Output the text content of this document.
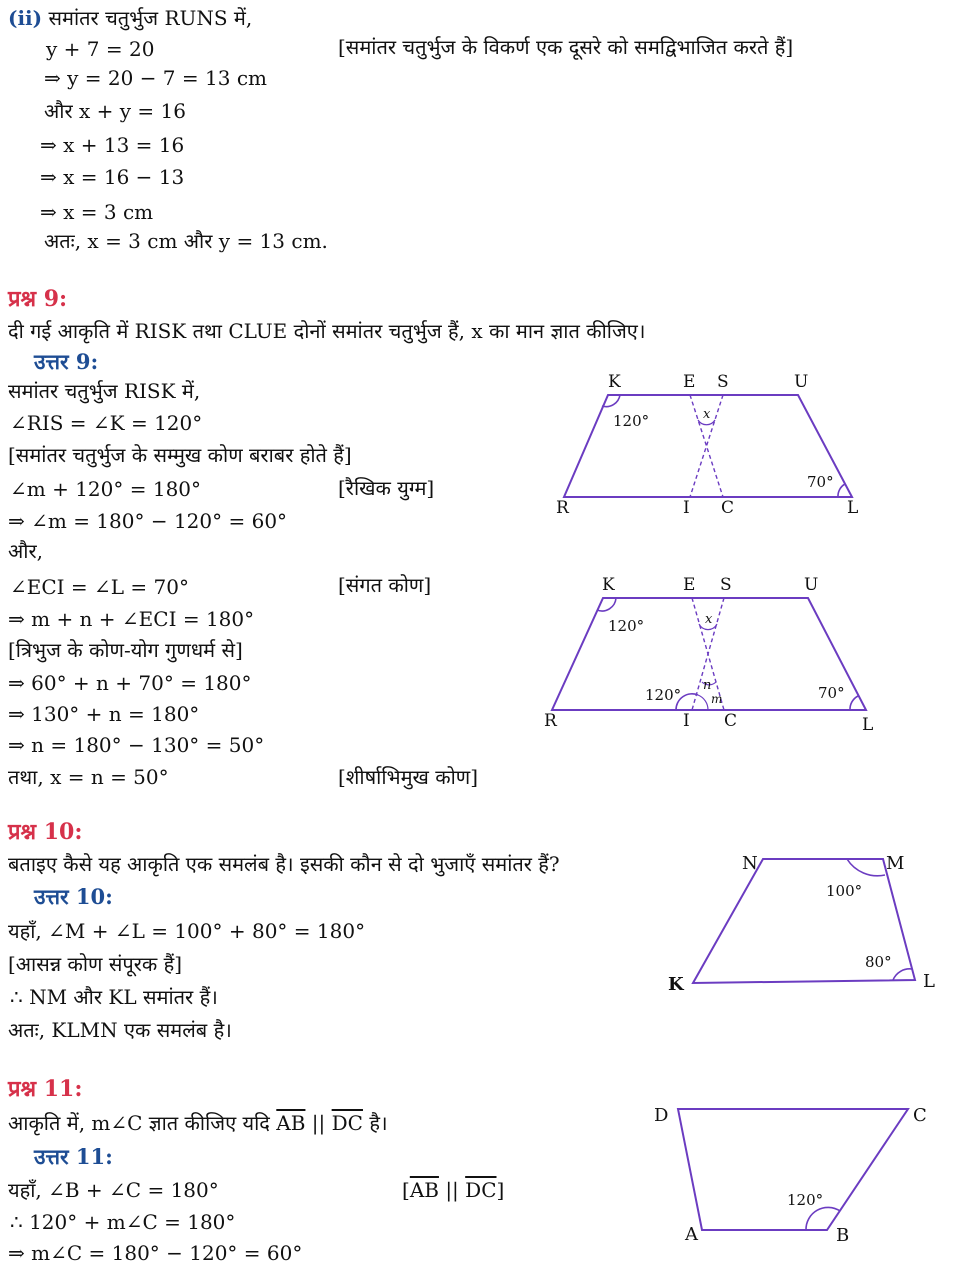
(ii) समांतर चतुर्भुज RUNS में,
y + 7 = 20	[समांतर चतुर्भुज के विकर्ण एक दूसरे को समद्विभाजित करते हैं]
⇒ y = 20 − 7 = 13 cm
और x + y = 16
⇒ x + 13 = 16
⇒ x = 16 − 13
⇒ x = 3 cm
अतः, x = 3 cm और y = 13 cm.
प्रश्न 9:
दी गई आकृति में RISK तथा CLUE दोनों समांतर चतुर्भुज हैं, x का मान ज्ञात कीजिए।
उत्तर 9:
समांतर चतुर्भुज RISK में,
∠RIS = ∠K = 120°
[समांतर चतुर्भुज के सम्मुख कोण बराबर होते हैं]
∠m + 120° = 180°	[रैखिक युग्म]
⇒ ∠m = 180° − 120° = 60°
और,
∠ECI = ∠L = 70°	[संगत कोण]
⇒ m + n + ∠ECI = 180°
[त्रिभुज के कोण-योग गुणधर्म से]
⇒ 60° + n + 70° = 180°
⇒ 130° + n = 180°
⇒ n = 180° − 130° = 50°
तथा, x = n = 50°	[शीर्षाभिमुख कोण]
K	E S	U
R	I C	L
x
120°
70°
K	E S	U
R	I C	L
x
n
m
120°
120°	70°
प्रश्न 10:
बताइए कैसे यह आकृति एक समलंब है। इसकी कौन से दो भुजाएँ समांतर हैं?
उत्तर 10:
यहाँ, ∠M + ∠L = 100° + 80° = 180°
[आसन्न कोण संपूरक हैं]
∴ NM और KL समांतर हैं।
अतः, KLMN एक समलंब है।
N	M
K	L
100°
80°
प्रश्न 11:
आकृति में, m∠C ज्ञात कीजिए यदि $\overline{AB}$ || $\overline{DC}$ है।
उत्तर 11:
यहाँ, ∠B + ∠C = 180°	[$\overline{AB}$ || $\overline{DC}$]
∴ 120° + m∠C = 180°
⇒ m∠C = 180° − 120° = 60°
D	C
A	B
120°
